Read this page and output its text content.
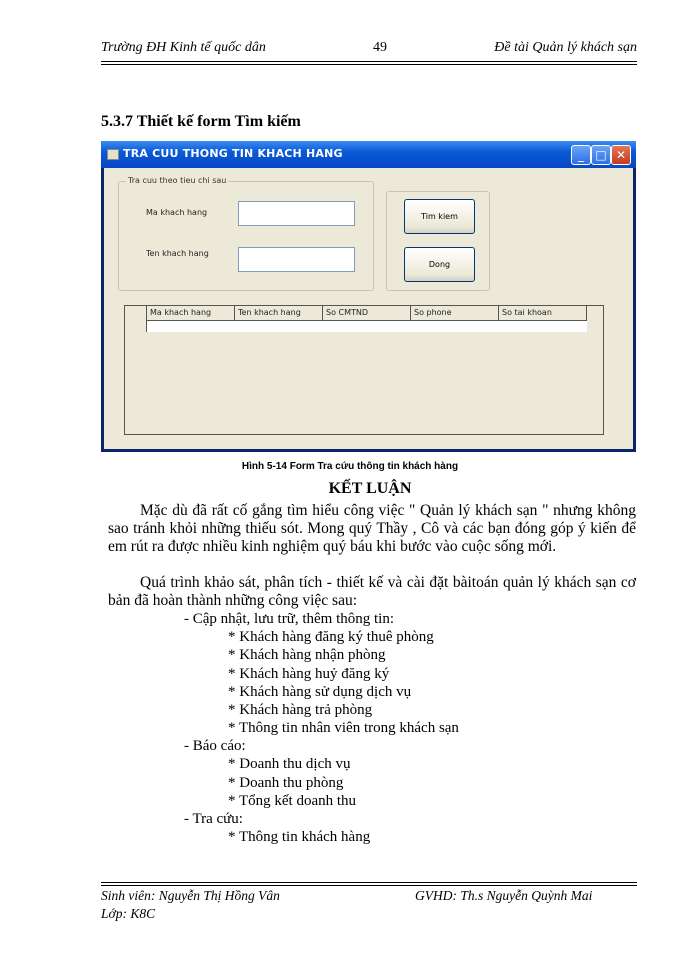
Trường ĐH Kinh tế quốc dân	49	Đề tài Quản lý khách sạn
5.3.7 Thiết kế form Tìm kiếm
TRA CUU THONG TIN KHACH HANG	_ □ ✕
Tra cuu theo tieu chi sau
Ma khach hang
Ten khach hang
Tim kiem
Dong
Ma khach hang	Ten khach hang	So CMTND	So phone	So tai khoan
Hình 5-14 Form Tra cứu thông tin khách hàng
KẾT LUẬN

Mặc dù đã rất cố gắng tìm hiểu công việc " Quản lý khách sạn " nhưng không sao tránh khỏi những thiếu sót. Mong quý Thầy , Cô và các bạn đóng góp ý kiến để em rút ra được nhiều kinh nghiệm quý báu khi bước vào cuộc sống mới.

Quá trình khảo sát, phân tích - thiết kế và cài đặt bàitoán quản lý khách sạn cơ bản đã hoàn thành những công việc sau:

- Cập nhật, lưu trữ, thêm thông tin:
* Khách hàng đăng ký thuê phòng
* Khách hàng nhận phòng
* Khách hàng huỷ đăng ký
* Khách hàng sử dụng dịch vụ
* Khách hàng trả phòng
* Thông tin nhân viên trong khách sạn
- Báo cáo:
* Doanh thu dịch vụ
* Doanh thu phòng
* Tổng kết doanh thu
- Tra cứu:
* Thông tin khách hàng
Sinh viên: Nguyễn Thị Hồng Vân	GVHD: Th.s Nguyễn Quỳnh Mai
Lớp: K8C
